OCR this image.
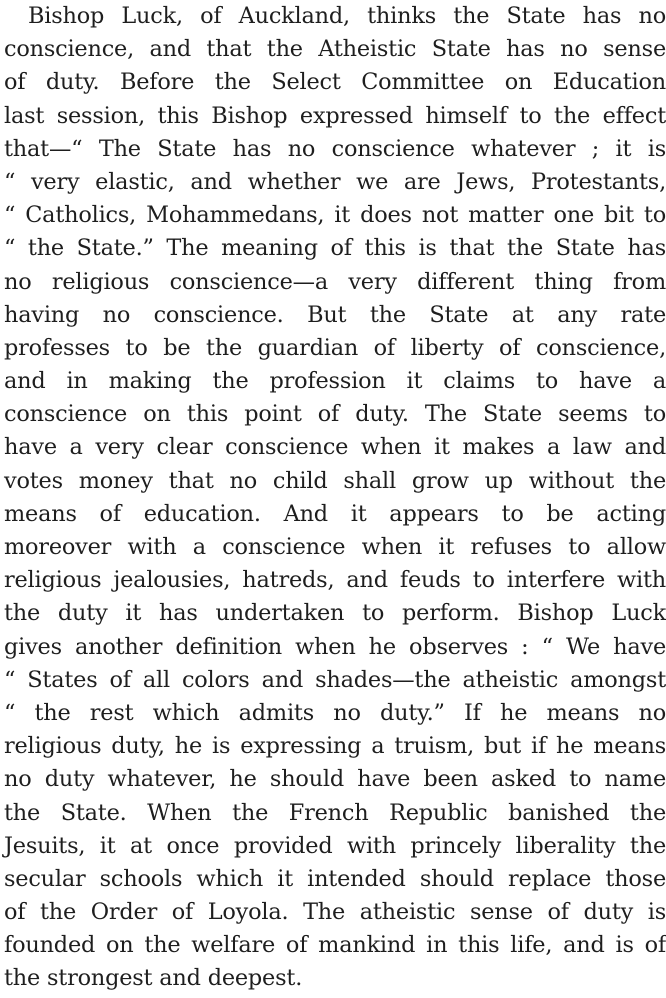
Bishop Luck, of Auckland, thinks the State has no
conscience, and that the Atheistic State has no sense
of duty. Before the Select Committee on Education
last session, this Bishop expressed himself to the effect
that—“ The State has no conscience whatever ; it is
“ very elastic, and whether we are Jews, Protestants,
“ Catholics, Mohammedans, it does not matter one bit to
“ the State.” The meaning of this is that the State has
no religious conscience—a very different thing from
having no conscience. But the State at any rate
professes to be the guardian of liberty of conscience,
and in making the profession it claims to have a
conscience on this point of duty. The State seems to
have a very clear conscience when it makes a law and
votes money that no child shall grow up without the
means of education. And it appears to be acting
moreover with a conscience when it refuses to allow
religious jealousies, hatreds, and feuds to interfere with
the duty it has undertaken to perform. Bishop Luck
gives another definition when he observes : “ We have
“ States of all colors and shades—the atheistic amongst
“ the rest which admits no duty.” If he means no
religious duty, he is expressing a truism, but if he means
no duty whatever, he should have been asked to name
the State. When the French Republic banished the
Jesuits, it at once provided with princely liberality the
secular schools which it intended should replace those
of the Order of Loyola. The atheistic sense of duty is
founded on the welfare of mankind in this life, and is of
the strongest and deepest.
